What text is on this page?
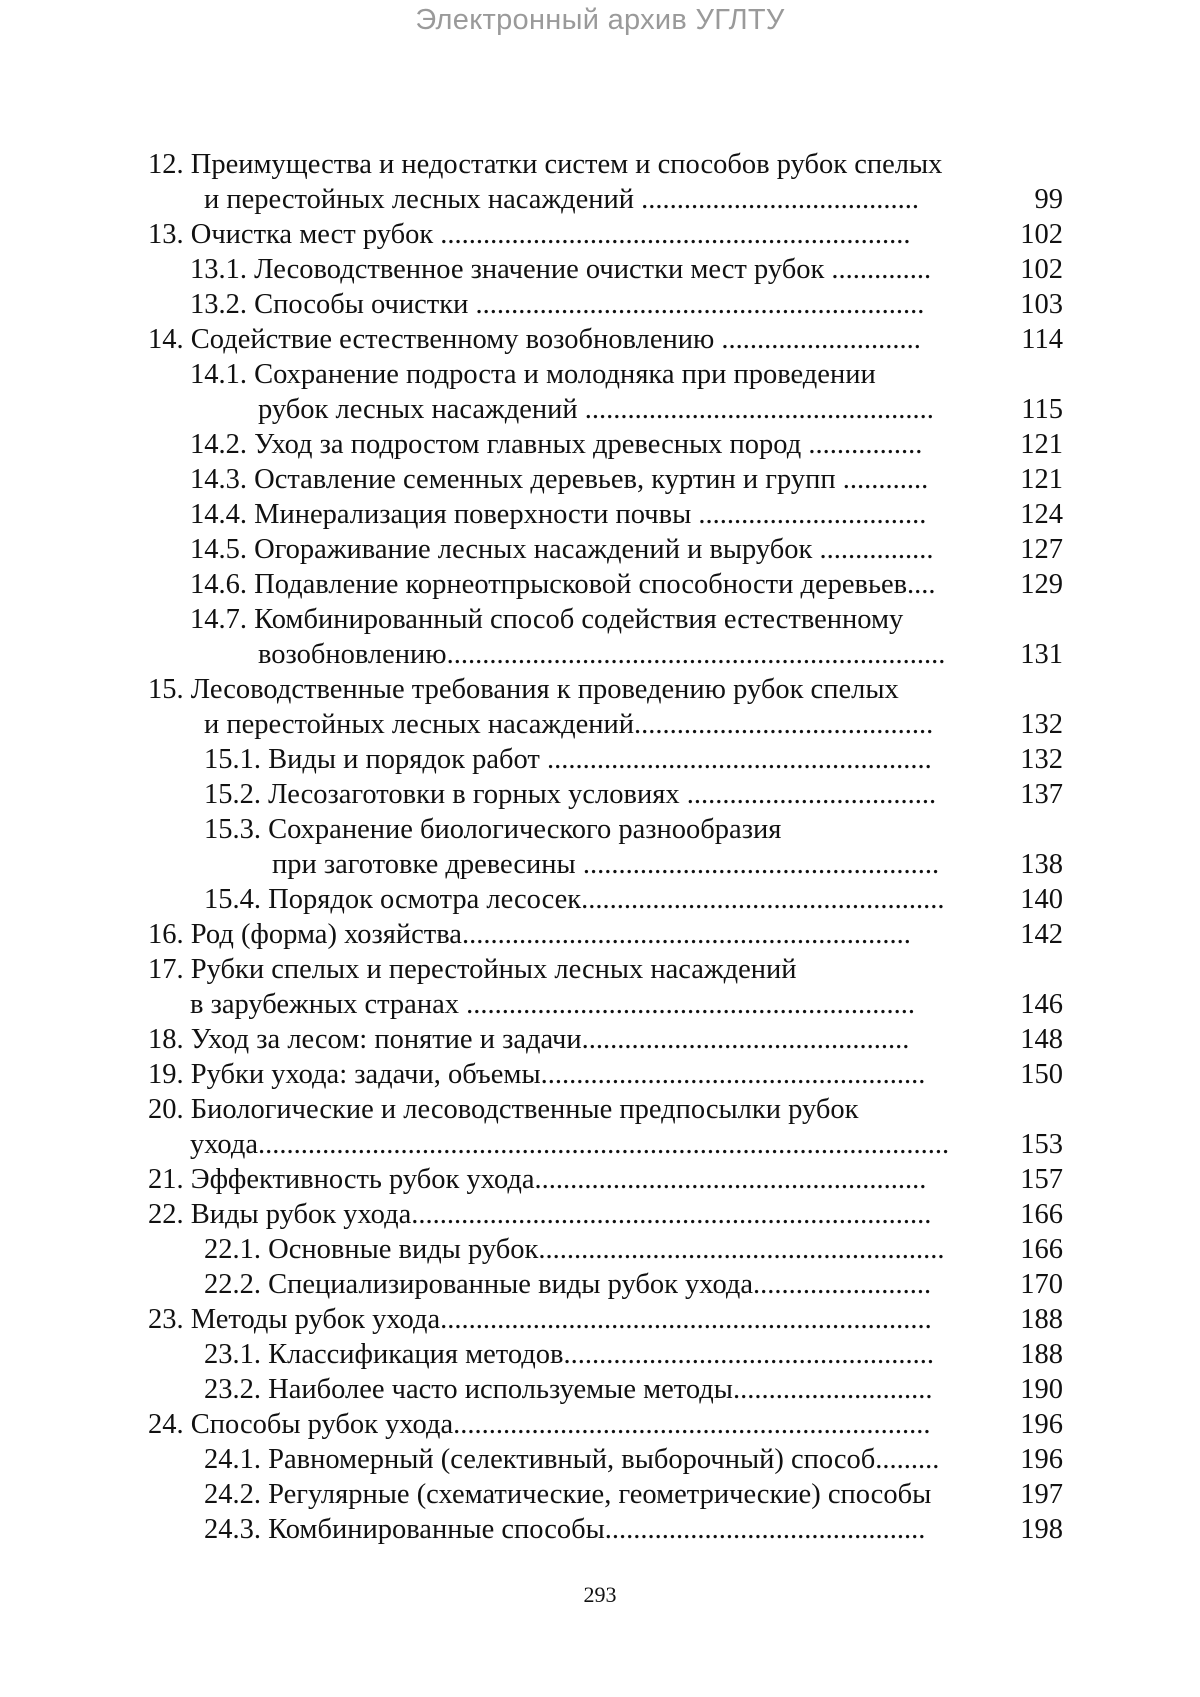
Электронный архив УГЛТУ
12. Преимущества и недостатки систем и способов рубок спелых
и перестойных лесных насаждений .......................................	99
13. Очистка мест рубок ..................................................................	102
13.1. Лесоводственное значение очистки мест рубок ..............	102
13.2. Способы очистки ...............................................................	103
14. Содействие естественному возобновлению ............................	114
14.1. Сохранение подроста и молодняка при проведении
рубок лесных насаждений .................................................	115
14.2. Уход за подростом главных древесных пород ................	121
14.3. Оставление семенных деревьев, куртин и групп ............	121
14.4. Минерализация поверхности почвы ................................	124
14.5. Огораживание лесных насаждений и вырубок ................	127
14.6. Подавление корнеотпрысковой способности деревьев....	129
14.7. Комбинированный способ содействия естественному
возобновлению......................................................................	131
15. Лесоводственные требования к проведению рубок спелых
и перестойных лесных насаждений..........................................	132
15.1. Виды и порядок работ ......................................................	132
15.2. Лесозаготовки в горных условиях ...................................	137
15.3. Сохранение биологического разнообразия
при заготовке древесины ..................................................	138
15.4. Порядок осмотра лесосек...................................................	140
16. Род (форма) хозяйства...............................................................	142
17. Рубки спелых и перестойных лесных насаждений
в зарубежных странах ...............................................................	146
18. Уход за лесом: понятие и задачи..............................................	148
19. Рубки ухода: задачи, объемы......................................................	150
20. Биологические и лесоводственные предпосылки рубок
ухода................................................................................................. 153
21. Эффективность рубок ухода.......................................................	157
22. Виды рубок ухода.........................................................................	166
22.1. Основные виды рубок.........................................................	166
22.2. Специализированные виды рубок ухода.........................	170
23. Методы рубок ухода.....................................................................	188
23.1. Классификация методов....................................................	188
23.2. Наиболее часто используемые методы............................	190
24. Способы рубок ухода...................................................................	196
24.1. Равномерный (селективный, выборочный) способ.........	196
24.2. Регулярные (схематические, геометрические) способы	197
24.3. Комбинированные способы.............................................	198
293
